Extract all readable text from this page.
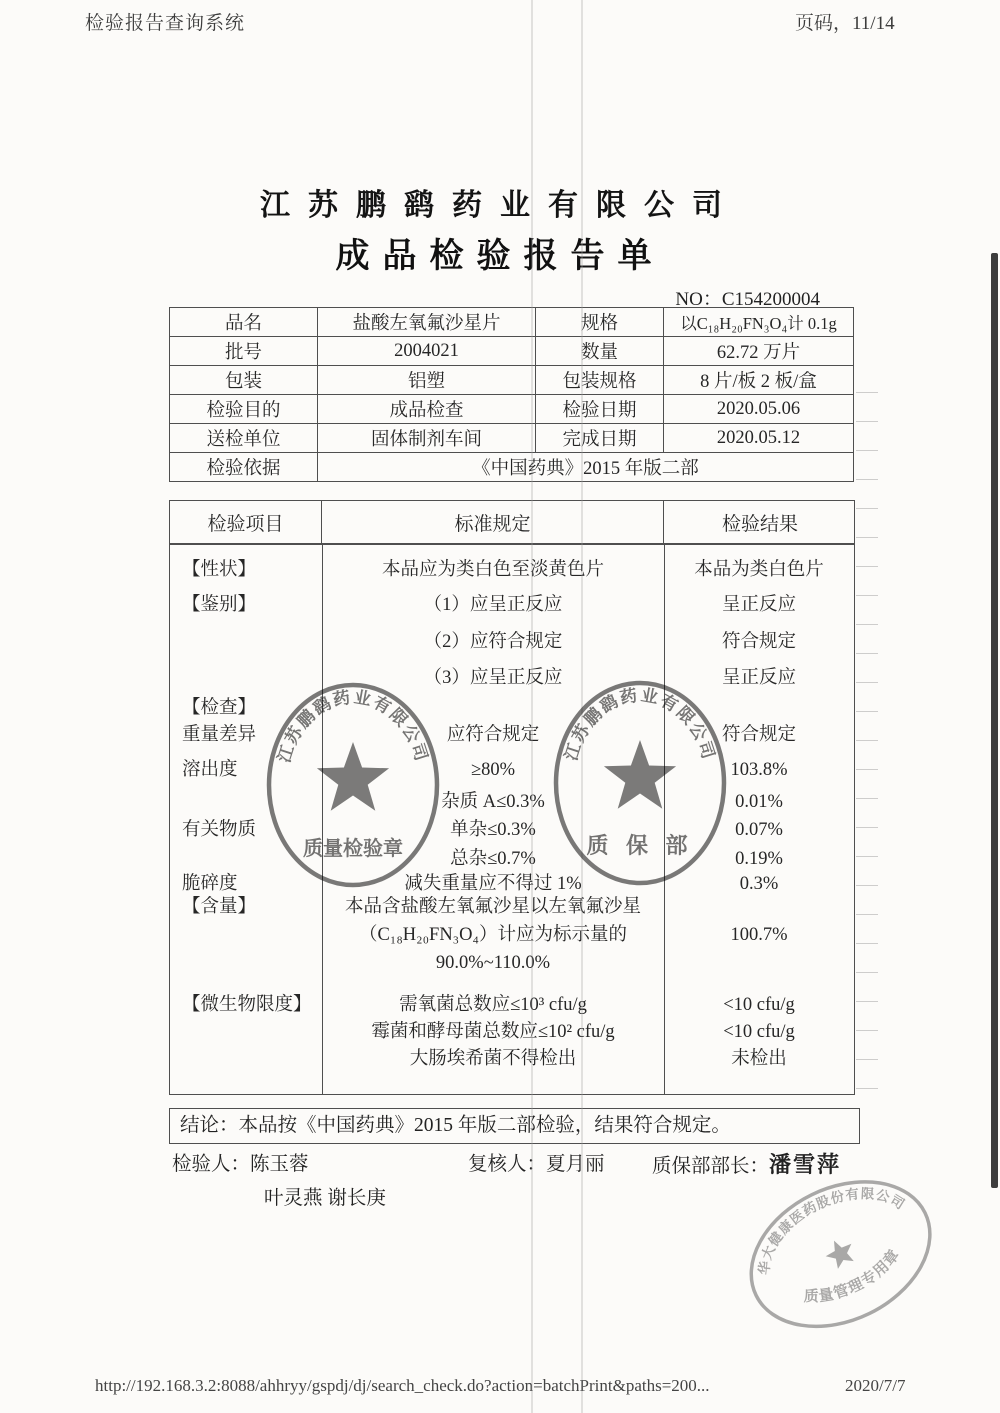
检验报告查询系统	页码，11/14
江苏鹏鹞药业有限公司
成品检验报告单
NO：C154200004
品名	盐酸左氧氟沙星片	规格	以C₁₈H₂₀FN₃O₄计 0.1g
批号	2004021	数量	62.72 万片
包装	铝塑	包装规格	8 片/板 2 板/盒
检验目的	成品检查	检验日期	2020.05.06
送检单位	固体制剂车间	完成日期	2020.05.12
检验依据	《中国药典》2015 年版二部		
检验项目	标准规定	检验结果
【性状】	本品应为类白色至淡黄色片	本品为类白色片
【鉴别】	（1）应呈正反应	呈正反应
（2）应符合规定	符合规定
（3）应呈正反应	呈正反应
【检查】
重量差异	应符合规定	符合规定
溶出度	≥80%	103.8%
杂质 A≤0.3%	0.01%
有关物质	单杂≤0.3%	0.07%
总杂≤0.7%	0.19%
脆碎度	减失重量应不得过 1%	0.3%
【含量】	本品含盐酸左氧氟沙星以左氧氟沙星
（C₁₈H₂₀FN₃O₄）计应为标示量的	100.7%
90.0%~110.0%
【微生物限度】	需氧菌总数应≤10³ cfu/g	<10 cfu/g
霉菌和酵母菌总数应≤10² cfu/g	<10 cfu/g
大肠埃希菌不得检出	未检出
结论：本品按《中国药典》2015 年版二部检验，结果符合规定。
检验人：陈玉蓉	复核人：夏月丽 质保部部长：潘雪萍
叶灵燕 谢长庚
江苏鹏鹞药业有限公司
质量检验章
江苏鹏鹞药业有限公司
质 保 部
华大健康医药股份有限公司
质量管理专用章
http://192.168.3.2:8088/ahhryy/gspdj/dj/search_check.do?action=batchPrint&paths=200...	2020/7/7
